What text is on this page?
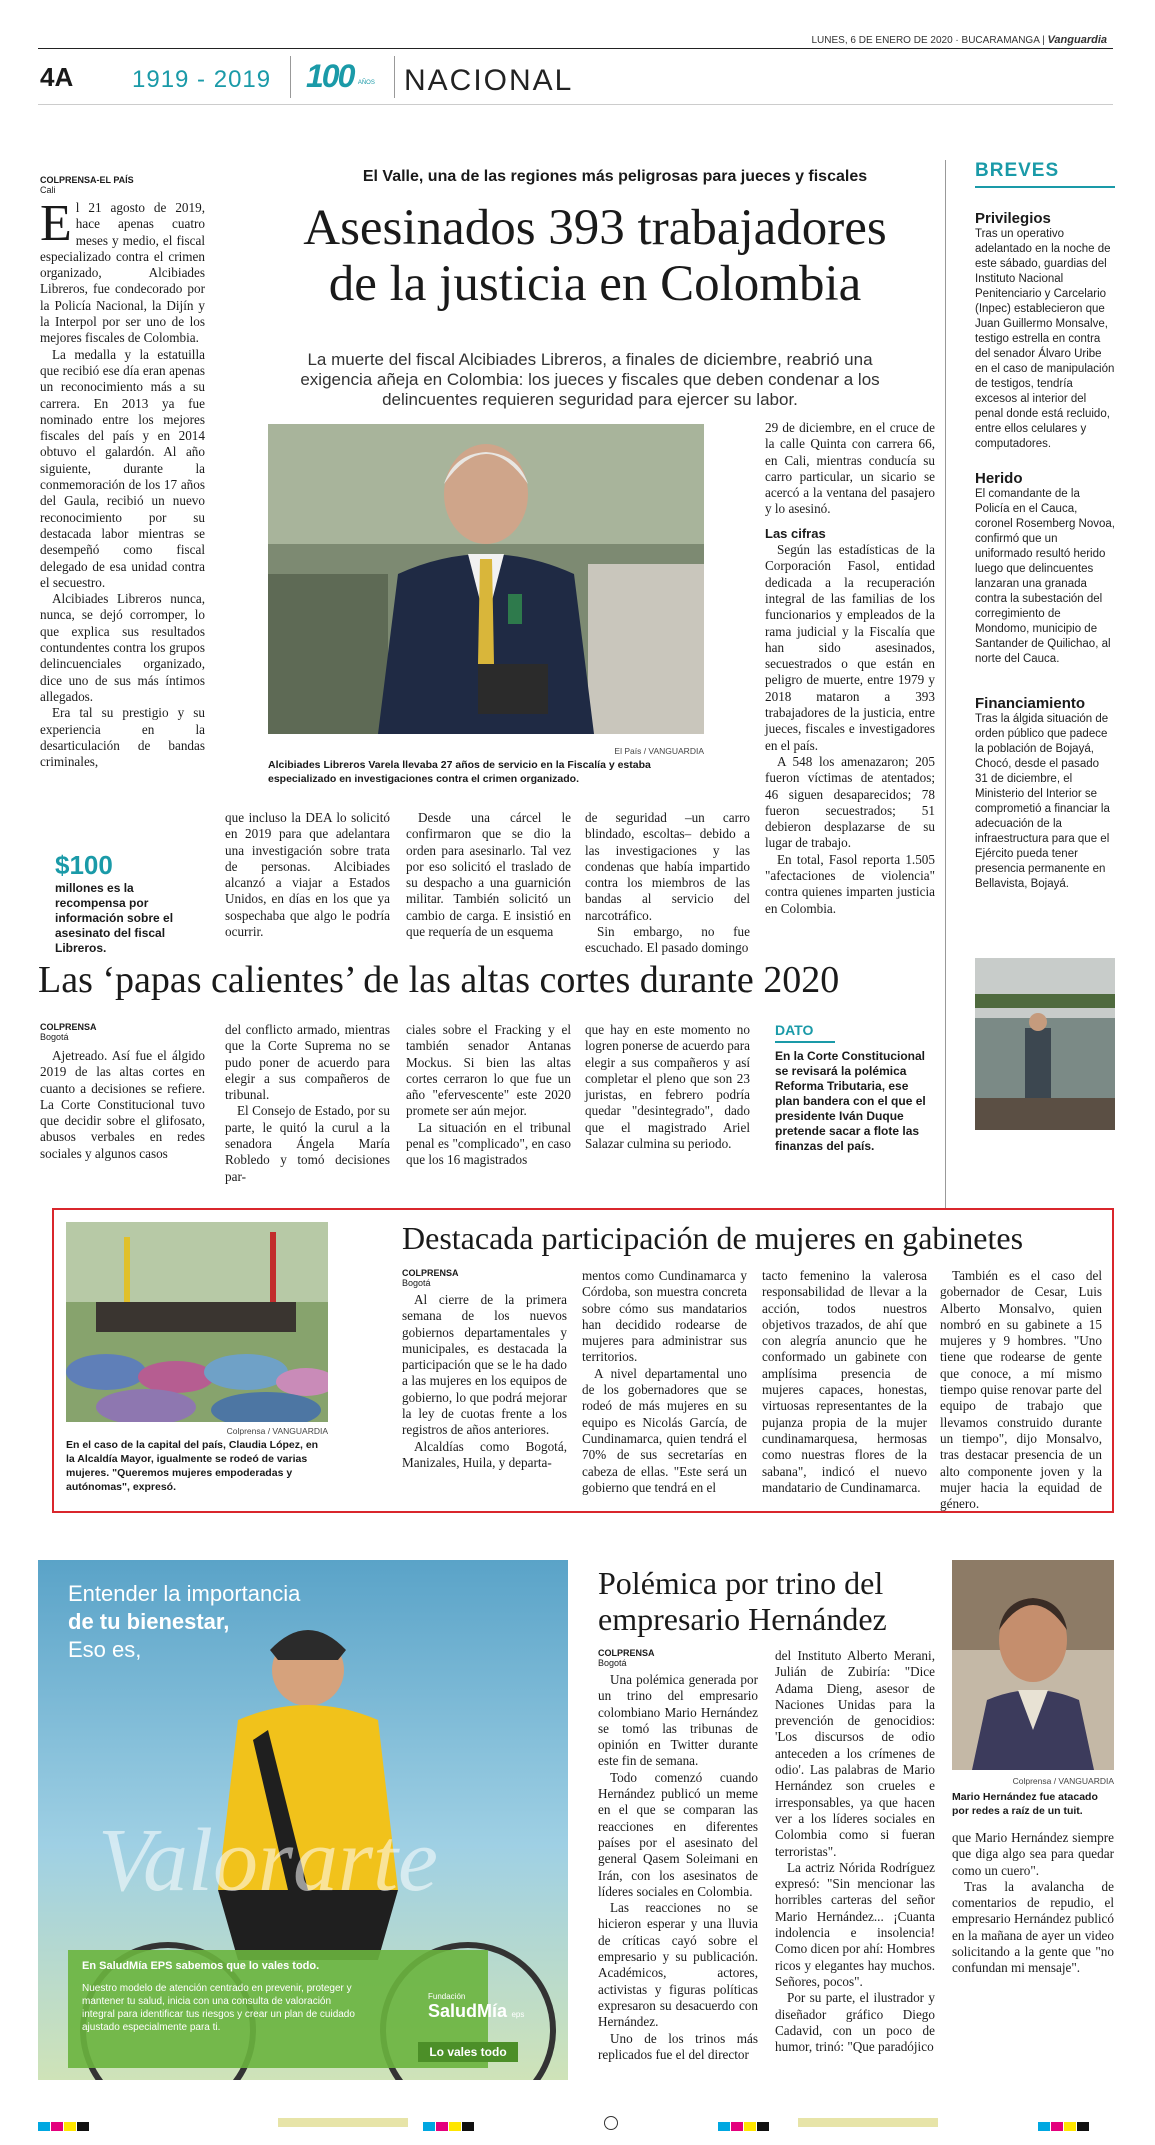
LUNES, 6 DE ENERO DE 2020 · BUCARAMANGA | Vanguardia
4A 1919 - 2019 100 AÑOS NACIONAL
COLPRENSA-EL PAÍS
Cali
El Valle, una de las regiones más peligrosas para jueces y fiscales
Asesinados 393 trabajadores
de la justicia en Colombia
La muerte del fiscal Alcibiades Libreros, a finales de diciembre, reabrió una exigencia añeja en Colombia: los jueces y fiscales que deben condenar a los delincuentes requieren seguridad para ejercer su labor.

El 21 agosto de 2019, hace apenas cuatro meses y medio, el fiscal especializado contra el crimen organizado, Alcibiades Libreros, fue condecorado por la Policía Nacional, la Dijín y la Interpol por ser uno de los mejores fiscales de Colombia.

La medalla y la estatuilla que recibió ese día eran apenas un reconocimiento más a su carrera. En 2013 ya fue nominado entre los mejores fiscales del país y en 2014 obtuvo el galardón. Al año siguiente, durante la conmemoración de los 17 años del Gaula, recibió un nuevo reconocimiento por su destacada labor mientras se desempeñó como fiscal delegado de esa unidad contra el secuestro.

Alcibiades Libreros nunca, nunca, se dejó corromper, lo que explica sus resultados contundentes contra los grupos delincuenciales organizado, dice uno de sus más íntimos allegados.

Era tal su prestigio y su experiencia en la desarticulación de bandas criminales,

El País / VANGUARDIA
Alcibiades Libreros Varela llevaba 27 años de servicio en la Fiscalía y estaba especializado en investigaciones contra el crimen organizado.

29 de diciembre, en el cruce de la calle Quinta con carrera 66, en Cali, mientras conducía su carro particular, un sicario se acercó a la ventana del pasajero y lo asesinó.

Las cifras

Según las estadísticas de la Corporación Fasol, entidad dedicada a la recuperación integral de las familias de los funcionarios y empleados de la rama judicial y la Fiscalía que han sido asesinados, secuestrados o que están en peligro de muerte, entre 1979 y 2018 mataron a 393 trabajadores de la justicia, entre jueces, fiscales e investigadores en el país.

A 548 los amenazaron; 205 fueron víctimas de atentados; 46 siguen desaparecidos; 78 fueron secuestrados; 51 debieron desplazarse de su lugar de trabajo.

En total, Fasol reporta 1.505 "afectaciones de violencia" contra quienes imparten justicia en Colombia.

$100
millones es la recompensa por información sobre el asesinato del fiscal Libreros.

que incluso la DEA lo solicitó en 2019 para que adelantara una investigación sobre trata de personas. Alcibiades alcanzó a viajar a Estados Unidos, en días en los que ya sospechaba que algo le podría ocurrir.

Desde una cárcel le confirmaron que se dio la orden para asesinarlo. Tal vez por eso solicitó el traslado de su despacho a una guarnición militar. También solicitó un cambio de carga. E insistió en que requería de un esquema

de seguridad –un carro blindado, escoltas– debido a las investigaciones y las condenas que había impartido contra los miembros de las bandas al servicio del narcotráfico.

Sin embargo, no fue escuchado. El pasado domingo

BREVES

Privilegios

Tras un operativo adelantado en la noche de este sábado, guardias del Instituto Nacional Penitenciario y Carcelario (Inpec) establecieron que Juan Guillermo Monsalve, testigo estrella en contra del senador Álvaro Uribe en el caso de manipulación de testigos, tendría excesos al interior del penal donde está recluido, entre ellos celulares y computadores.

Herido

El comandante de la Policía en el Cauca, coronel Rosemberg Novoa, confirmó que un uniformado resultó herido luego que delincuentes lanzaran una granada contra la subestación del corregimiento de Mondomo, municipio de Santander de Quilichao, al norte del Cauca.

Financiamiento

Tras la álgida situación de orden público que padece la población de Bojayá, Chocó, desde el pasado 31 de diciembre, el Ministerio del Interior se comprometió a financiar la adecuación de la infraestructura para que el Ejército pueda tener presencia permanente en Bellavista, Bojayá.

Las ‘papas calientes’ de las altas cortes durante 2020
COLPRENSA
Bogotá

Ajetreado. Así fue el álgido 2019 de las altas cortes en cuanto a decisiones se refiere. La Corte Constitucional tuvo que decidir sobre el glifosato, abusos verbales en redes sociales y algunos casos

del conflicto armado, mientras que la Corte Suprema no se pudo poner de acuerdo para elegir a sus compañeros de tribunal.

El Consejo de Estado, por su parte, le quitó la curul a la senadora Ángela María Robledo y tomó decisiones par-

ciales sobre el Fracking y el también senador Antanas Mockus. Si bien las altas cortes cerraron lo que fue un año "efervescente" este 2020 promete ser aún mejor.

La situación en el tribunal penal es "complicado", en caso que los 16 magistrados

que hay en este momento no logren ponerse de acuerdo para elegir a sus compañeros y así completar el pleno que son 23 juristas, en febrero podría quedar "desintegrado", dado que el magistrado Ariel Salazar culmina su periodo.

DATO
En la Corte Constitucional se revisará la polémica Reforma Tributaria, ese plan bandera con el que el presidente Iván Duque pretende sacar a flote las finanzas del país.
Colprensa / VANGUARDIA
En el caso de la capital del país, Claudia López, en la Alcaldía Mayor, igualmente se rodeó de varias mujeres. "Queremos mujeres empoderadas y autónomas", expresó.
Destacada participación de mujeres en gabinetes
COLPRENSA
Bogotá

Al cierre de la primera semana de los nuevos gobiernos departamentales y municipales, es destacada la participación que se le ha dado a las mujeres en los equipos de gobierno, lo que podrá mejorar la ley de cuotas frente a los registros de años anteriores.

Alcaldías como Bogotá, Manizales, Huila, y departa-

mentos como Cundinamarca y Córdoba, son muestra concreta sobre cómo sus mandatarios han decidido rodearse de mujeres para administrar sus territorios.

A nivel departamental uno de los gobernadores que se rodeó de más mujeres en su equipo es Nicolás García, de Cundinamarca, quien tendrá el 70% de sus secretarías en cabeza de ellas. "Este será un gobierno que tendrá en el

tacto femenino la valerosa responsabilidad de llevar a la acción, todos nuestros objetivos trazados, de ahí que con alegría anuncio que he conformado un gabinete con amplísima presencia de mujeres capaces, honestas, virtuosas representantes de la pujanza propia de la mujer cundinamarquesa, hermosas como nuestras flores de la sabana", indicó el nuevo mandatario de Cundinamarca.

También es el caso del gobernador de Cesar, Luis Alberto Monsalvo, quien nombró en su gabinete a 15 mujeres y 9 hombres. "Uno tiene que rodearse de gente que conoce, a mí mismo tiempo quise renovar parte del equipo de trabajo que llevamos construido durante un tiempo", dijo Monsalvo, tras destacar presencia de un alto componente joven y la mujer hacia la equidad de género.

Valorarte
Entender la importancia
de tu bienestar,
Eso es,
En SaludMía EPS sabemos que lo vales todo.
Nuestro modelo de atención centrado en prevenir, proteger y mantener tu salud, inicia con una consulta de valoración integral para identificar tus riesgos y crear un plan de cuidado ajustado especialmente para ti.
Fundación
SaludMía eps
Lo vales todo
Polémica por trino del
empresario Hernández
COLPRENSA
Bogotá

Una polémica generada por un trino del empresario colombiano Mario Hernández se tomó las tribunas de opinión en Twitter durante este fin de semana.

Todo comenzó cuando Hernández publicó un meme en el que se comparan las reacciones en diferentes países por el asesinato del general Qasem Soleimani en Irán, con los asesinatos de líderes sociales en Colombia.

Las reacciones no se hicieron esperar y una lluvia de críticas cayó sobre el empresario y su publicación. Académicos, actores, activistas y figuras políticas expresaron su desacuerdo con Hernández.

Uno de los trinos más replicados fue el del director

del Instituto Alberto Merani, Julián de Zubiría: "Dice Adama Dieng, asesor de Naciones Unidas para la prevención de genocidios: 'Los discursos de odio anteceden a los crímenes de odio'. Las palabras de Mario Hernández son crueles e irresponsables, ya que hacen ver a los líderes sociales en Colombia como si fueran terroristas".

La actriz Nórida Rodríguez expresó: "Sin mencionar las horribles carteras del señor Mario Hernández... ¡Cuanta indolencia e insolencia! Como dicen por ahí: Hombres ricos y elegantes hay muchos. Señores, pocos".

Por su parte, el ilustrador y diseñador gráfico Diego Cadavid, con un poco de humor, trinó: "Que paradójico

Colprensa / VANGUARDIA
Mario Hernández fue atacado por redes a raíz de un tuit.

que Mario Hernández siempre que diga algo sea para quedar como un cuero".

Tras la avalancha de comentarios de repudio, el empresario Hernández publicó en la mañana de ayer un video solicitando a la gente que "no confundan mi mensaje".
